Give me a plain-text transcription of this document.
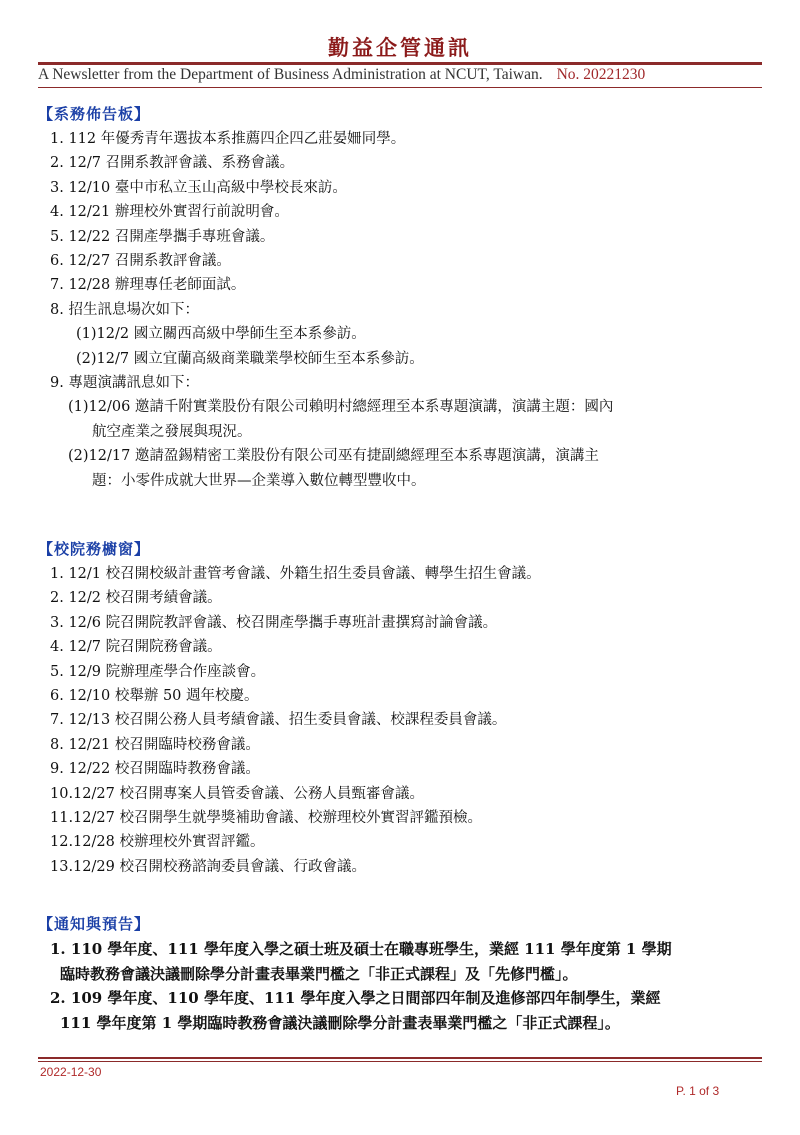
勤益企管通訊
A Newsletter from the Department of Business Administration at NCUT, Taiwan. No. 20221230
【系務佈告板】
1. 112 年優秀青年選拔本系推薦四企四乙莊晏姍同學。
2. 12/7 召開系教評會議、系務會議。
3. 12/10 臺中市私立玉山高級中學校長來訪。
4. 12/21 辦理校外實習行前說明會。
5. 12/22 召開產學攜手專班會議。
6. 12/27 召開系教評會議。
7. 12/28 辦理專任老師面試。
8. 招生訊息場次如下：
(1)12/2 國立關西高級中學師生至本系參訪。
(2)12/7 國立宜蘭高級商業職業學校師生至本系參訪。
9. 專題演講訊息如下：
(1)12/06 邀請千附實業股份有限公司賴明村總經理至本系專題演講，演講主題：國內
航空產業之發展與現況。
(2)12/17 邀請盈錫精密工業股份有限公司巫有捷副總經理至本系專題演講，演講主
題：小零件成就大世界—企業導入數位轉型豐收中。
【校院務櫥窗】
1. 12/1 校召開校級計畫管考會議、外籍生招生委員會議、轉學生招生會議。
2. 12/2 校召開考績會議。
3. 12/6 院召開院教評會議、校召開產學攜手專班計畫撰寫討論會議。
4. 12/7 院召開院務會議。
5. 12/9 院辦理產學合作座談會。
6. 12/10 校舉辦 50 週年校慶。
7. 12/13 校召開公務人員考績會議、招生委員會議、校課程委員會議。
8. 12/21 校召開臨時校務會議。
9. 12/22 校召開臨時教務會議。
10.12/27 校召開專案人員管委會議、公務人員甄審會議。
11.12/27 校召開學生就學獎補助會議、校辦理校外實習評鑑預檢。
12.12/28 校辦理校外實習評鑑。
13.12/29 校召開校務諮詢委員會議、行政會議。
【通知與預告】
1. 110 學年度、111 學年度入學之碩士班及碩士在職專班學生，業經 111 學年度第 1 學期
臨時教務會議決議刪除學分計畫表畢業門檻之「非正式課程」及「先修門檻」。
2. 109 學年度、110 學年度、111 學年度入學之日間部四年制及進修部四年制學生，業經
111 學年度第 1 學期臨時教務會議決議刪除學分計畫表畢業門檻之「非正式課程」。
2022-12-30
P. 1 of 3
